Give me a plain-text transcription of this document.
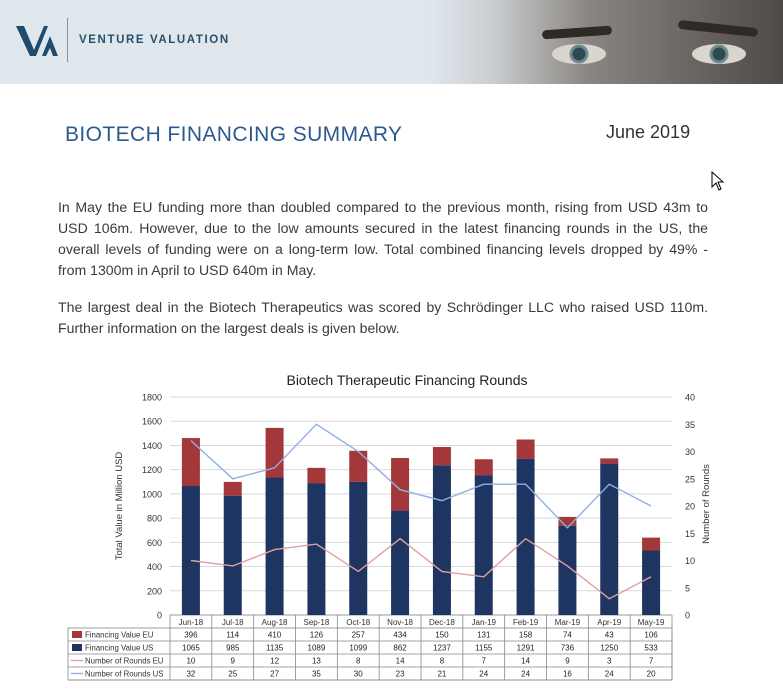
VENTURE VALUATION
BIOTECH FINANCING SUMMARY	June 2019

In May the EU funding more than doubled compared to the previous month, rising from USD 43m to USD 106m. However, due to the low amounts secured in the latest financing rounds in the US, the overall levels of funding were on a long-term low. Total combined financing levels dropped by 49% - from 1300m in April to USD 640m in May.

The largest deal in the Biotech Therapeutics was scored by Schrödinger LLC who raised USD 110m. Further information on the largest deals is given below.

Biotech Therapeutic Financing Rounds
0
200
400
600
800
1000
1200
1400
1600
1800
0
5
10
15
20
25
30
35
40
Total Value in Million USD	Number of Rounds
Jun-18 Jul-18 Aug-18 Sep-18 Oct-18 Nov-18 Dec-18 Jan-19 Feb-19 Mar-19 Apr-19 May-19
Financing Value EU	396	114	410	126	257	434	150	131	158	74	43	106
Financing Value US	1065	985	1135	1089	1099	862	1237	1155	1291	736	1250	533
Number of Rounds EU	10	9	12	13	8	14	8	7	14	9	3	7
Number of Rounds US	32	25	27	35	30	23	21	24	24	16	24	20
